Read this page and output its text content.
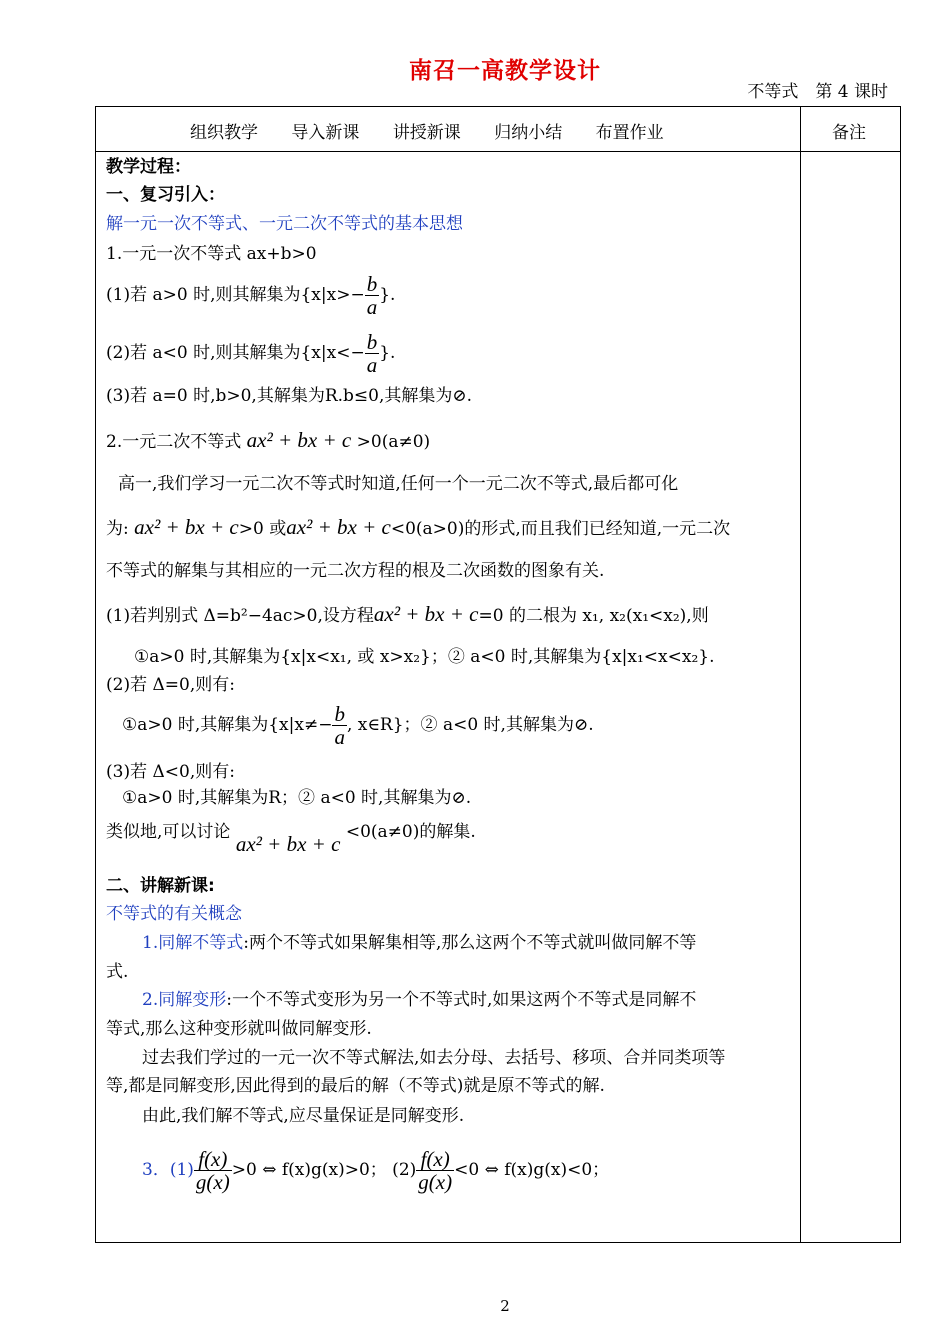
南召一高教学设计
不等式　第 4 课时
组织教学 导入新课 讲授新课 归纳小结 布置作业	备注
教学过程：
一、复习引入：
解一元一次不等式、一元二次不等式的基本思想
1.一元一次不等式 ax+b>0
(1)若 a>0 时,则其解集为{$x|x>- \frac{b}{a}$ }.
(2)若 a<0 时,则其解集为{$x|x<- \frac{b}{a}$ }.
(3)若 a=0 时,b>0,其解集为R.b≤0,其解集为⊘.
2.一元二次不等式 ax² + bx + c >0(a≠0)
高一,我们学习一元二次不等式时知道,任何一个一元二次不等式,最后都可化
为: ax² + bx + c>0 或ax² + bx + c<0(a>0)的形式,而且我们已经知道,一元二次
不等式的解集与其相应的一元二次方程的根及二次函数的图象有关.
(1)若判别式 Δ=b²−4ac>0,设方程ax² + bx + c=0 的二根为 x₁, x₂(x₁<x₂),则
①a>0 时,其解集为{x|x<x₁, 或 x>x₂}；② a<0 时,其解集为{x|x₁<x<x₂}.
(2)若 Δ=0,则有:
①a>0 时,其解集为{$x|x\ne- \frac{b}{a}$ , x∈R}；② a<0 时,其解集为⊘.
(3)若 Δ<0,则有:
①a>0 时,其解集为R；② a<0 时,其解集为⊘.
类似地,可以讨论 ax² + bx + c <0(a≠0)的解集.
二、讲解新课:
不等式的有关概念
1.同解不等式:两个不等式如果解集相等,那么这两个不等式就叫做同解不等
式.
2.同解变形:一个不等式变形为另一个不等式时,如果这两个不等式是同解不
等式,那么这种变形就叫做同解变形.
过去我们学过的一元一次不等式解法,如去分母、去括号、移项、合并同类项等
等,都是同解变形,因此得到的最后的解（不等式)就是原不等式的解.
由此,我们解不等式,应尽量保证是同解变形.
3．$(1) \frac{f(x)}{g(x)} >0$ ⇔ f(x)g(x)>0； $(2) \frac{f(x)}{g(x)} <0$ ⇔ f(x)g(x)<0；
2
